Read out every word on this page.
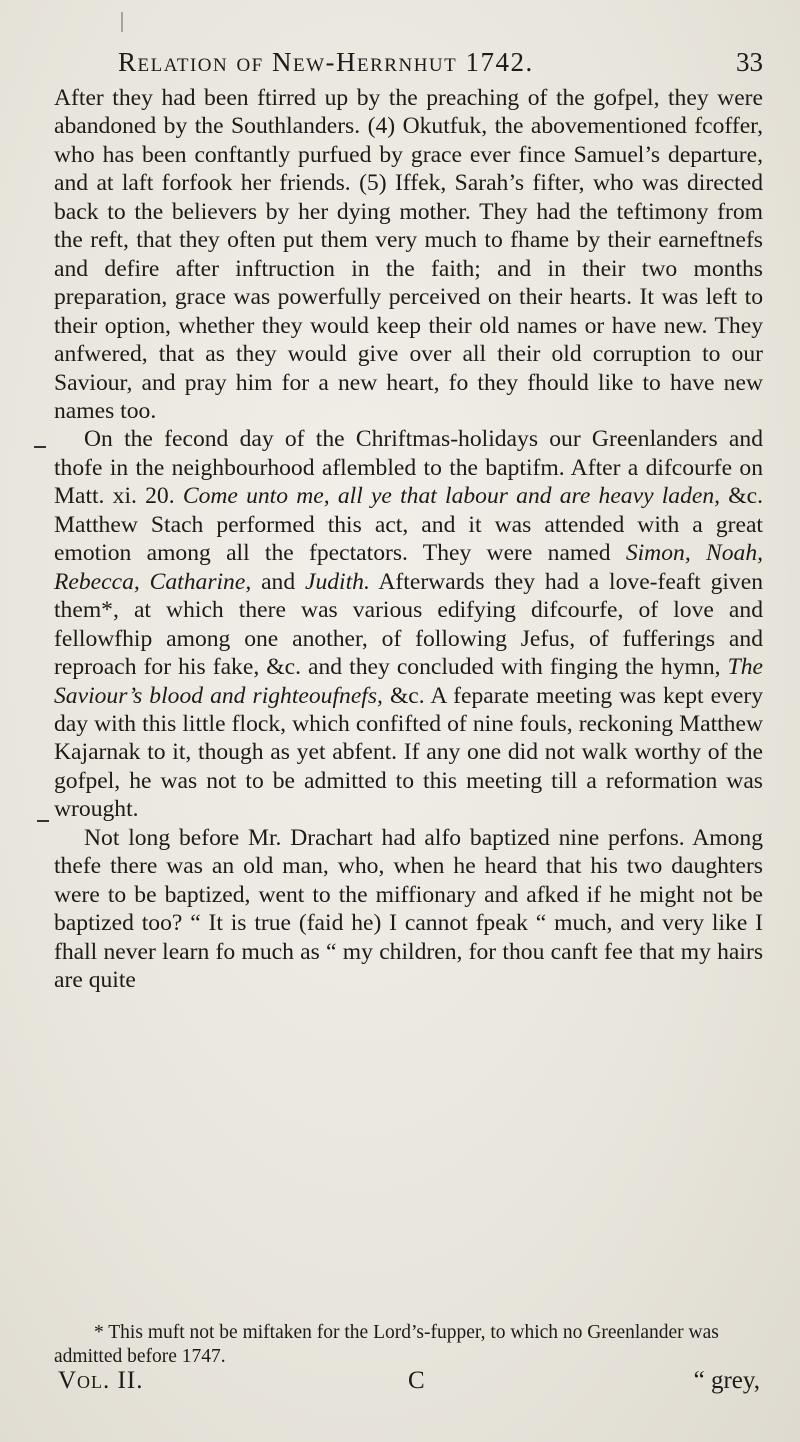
Relation of New-Herrnhut 1742.	33

After they had been ftirred up by the preaching of the gofpel, they were abandoned by the Southlanders. (4) Okutfuk, the abovementioned fcoffer, who has been conftantly purfued by grace ever fince Samuel’s departure, and at laft forfook her friends. (5) Iffek, Sarah’s fifter, who was directed back to the believers by her dying mother. They had the teftimony from the reft, that they often put them very much to fhame by their earneftnefs and defire after inftruction in the faith; and in their two months preparation, grace was powerfully perceived on their hearts. It was left to their option, whether they would keep their old names or have new. They anfwered, that as they would give over all their old corruption to our Saviour, and pray him for a new heart, fo they fhould like to have new names too.

On the fecond day of the Chriftmas-holidays our Greenlanders and thofe in the neighbourhood aflembled to the baptifm. After a difcourfe on Matt. xi. 20. Come unto me, all ye that labour and are heavy laden, &c. Matthew Stach performed this act, and it was attended with a great emotion among all the fpectators. They were named Simon, Noah, Rebecca, Catharine, and Judith. Afterwards they had a love-feaft given them*, at which there was various edifying difcourfe, of love and fellowfhip among one another, of following Jefus, of fufferings and reproach for his fake, &c. and they concluded with finging the hymn, The Saviour’s blood and righteoufnefs, &c. A feparate meeting was kept every day with this little flock, which confifted of nine fouls, reckoning Matthew Kajarnak to it, though as yet abfent. If any one did not walk worthy of the gofpel, he was not to be admitted to this meeting till a reformation was wrought.

Not long before Mr. Drachart had alfo baptized nine perfons. Among thefe there was an old man, who, when he heard that his two daughters were to be baptized, went to the miffionary and afked if he might not be baptized too? “ It is true (faid he) I cannot fpeak “ much, and very like I fhall never learn fo much as “ my children, for thou canft fee that my hairs are quite

* This muft not be miftaken for the Lord’s-fupper, to which no Greenlander was admitted before 1747.

Vol. II.	C	“ grey,
